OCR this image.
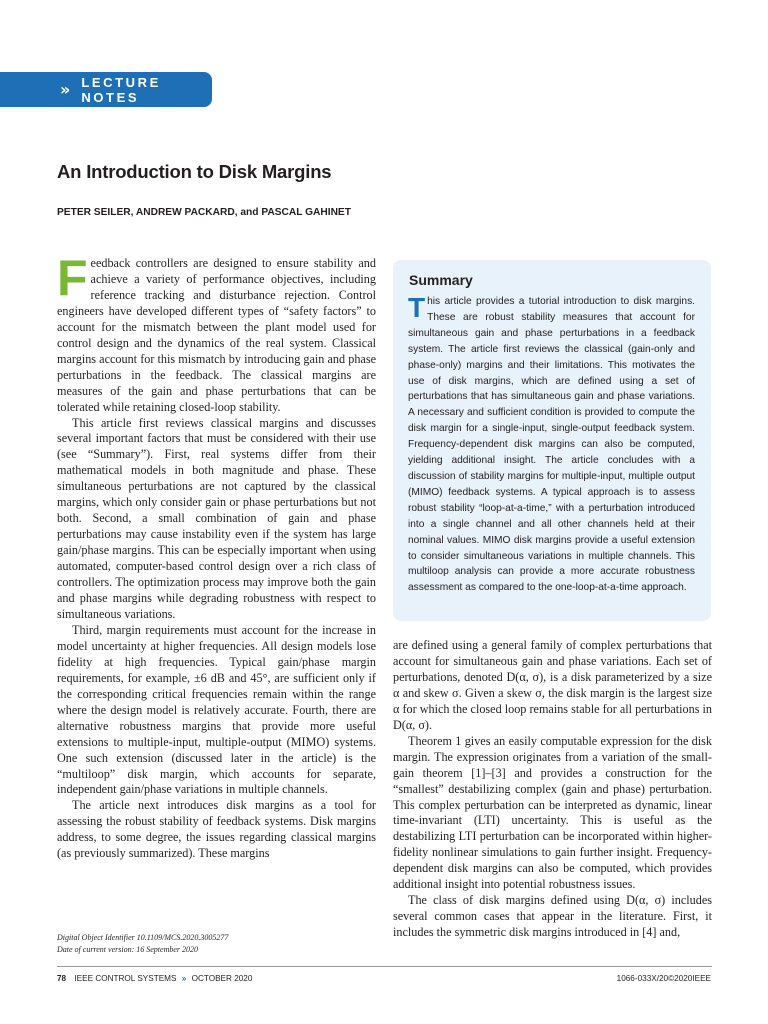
» LECTURE NOTES
An Introduction to Disk Margins
PETER SEILER, ANDREW PACKARD, and PASCAL GAHINET

Feedback controllers are designed to ensure stability and achieve a variety of performance objectives, including reference tracking and disturbance rejection. Control engineers have developed different types of “safety factors” to account for the mismatch between the plant model used for control design and the dynamics of the real system. Classical margins account for this mismatch by introducing gain and phase perturbations in the feedback. The classical margins are measures of the gain and phase perturbations that can be tolerated while retaining closed-loop stability.

This article first reviews classical margins and discusses several important factors that must be considered with their use (see “Summary”). First, real systems differ from their mathematical models in both magnitude and phase. These simultaneous perturbations are not captured by the classical margins, which only consider gain or phase perturbations but not both. Second, a small combination of gain and phase perturbations may cause instability even if the system has large gain/phase margins. This can be especially important when using automated, computer-based control design over a rich class of controllers. The optimization process may improve both the gain and phase margins while degrading robustness with respect to simultaneous variations.

Third, margin requirements must account for the increase in model uncertainty at higher frequencies. All design models lose fidelity at high frequencies. Typical gain/phase margin requirements, for example, ±6 dB and 45°, are sufficient only if the corresponding critical frequencies remain within the range where the design model is relatively accurate. Fourth, there are alternative robustness margins that provide more useful extensions to multiple-input, multiple-output (MIMO) systems. One such extension (discussed later in the article) is the “multiloop” disk margin, which accounts for separate, independent gain/phase variations in multiple channels.

The article next introduces disk margins as a tool for assessing the robust stability of feedback systems. Disk margins address, to some degree, the issues regarding classical margins (as previously summarized). These margins

Summary
This article provides a tutorial introduction to disk margins. These are robust stability measures that account for simultaneous gain and phase perturbations in a feedback system. The article first reviews the classical (gain-only and phase-only) margins and their limitations. This motivates the use of disk margins, which are defined using a set of perturbations that has simultaneous gain and phase variations. A necessary and sufficient condition is provided to compute the disk margin for a single-input, single-output feedback system. Frequency-dependent disk margins can also be computed, yielding additional insight. The article concludes with a discussion of stability margins for multiple-input, multiple output (MIMO) feedback systems. A typical approach is to assess robust stability “loop-at-a-time,” with a perturbation introduced into a single channel and all other channels held at their nominal values. MIMO disk margins provide a useful extension to consider simultaneous variations in multiple channels. This multiloop analysis can provide a more accurate robustness assessment as compared to the one-loop-at-a-time approach.

are defined using a general family of complex perturbations that account for simultaneous gain and phase variations. Each set of perturbations, denoted D(α, σ), is a disk parameterized by a size α and skew σ. Given a skew σ, the disk margin is the largest size α for which the closed loop remains stable for all perturbations in D(α, σ).

Theorem 1 gives an easily computable expression for the disk margin. The expression originates from a variation of the small-gain theorem [1]–[3] and provides a construction for the “smallest” destabilizing complex (gain and phase) perturbation. This complex perturbation can be interpreted as dynamic, linear time-invariant (LTI) uncertainty. This is useful as the destabilizing LTI perturbation can be incorporated within higher-fidelity nonlinear simulations to gain further insight. Frequency-dependent disk margins can also be computed, which provides additional insight into potential robustness issues.

The class of disk margins defined using D(α, σ) includes several common cases that appear in the literature. First, it includes the symmetric disk margins introduced in [4] and,

Digital Object Identifier 10.1109/MCS.2020.3005277
Date of current version: 16 September 2020
78 IEEE CONTROL SYSTEMS » OCTOBER 2020	1066-033X/20©2020IEEE
